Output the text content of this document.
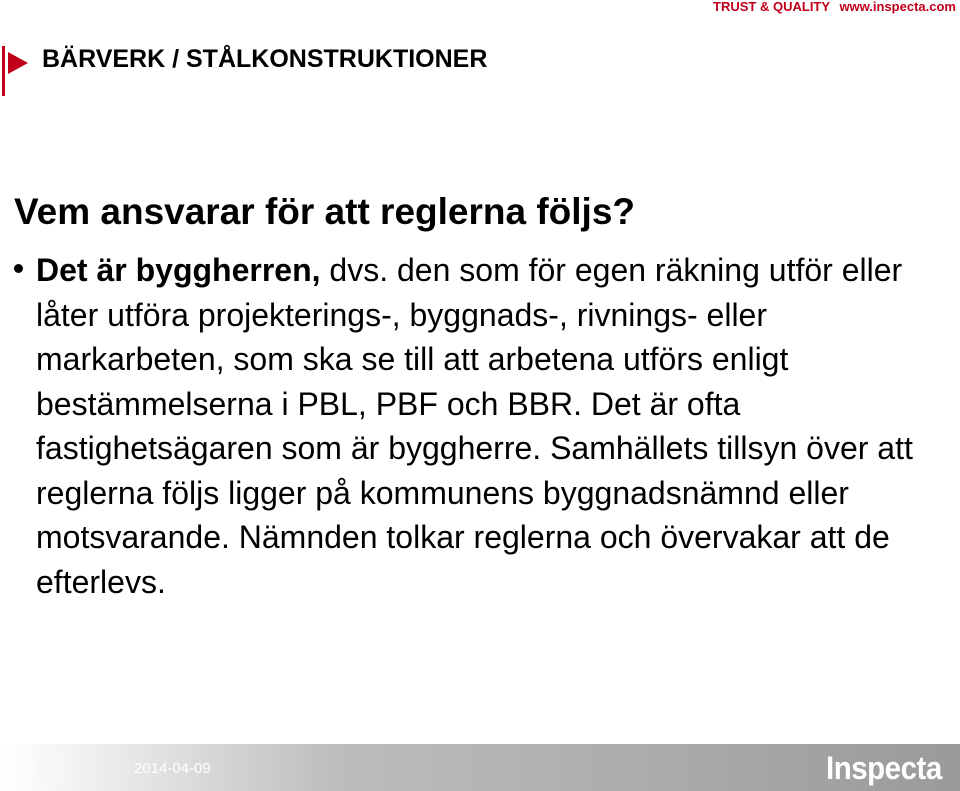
TRUST & QUALITY www.inspecta.com
BÄRVERK / STÅLKONSTRUKTIONER
Vem ansvarar för att reglerna följs?
Det är byggherren, dvs. den som för egen räkning utför eller låter utföra projekterings-, byggnads-, rivnings- eller markarbeten, som ska se till att arbetena utförs enligt bestämmelserna i PBL, PBF och BBR. Det är ofta fastighetsägaren som är byggherre. Samhällets tillsyn över att reglerna följs ligger på kommunens byggnadsnämnd eller motsvarande. Nämnden tolkar reglerna och övervakar att de efterlevs.
12	2014-04-09	Inspecta
